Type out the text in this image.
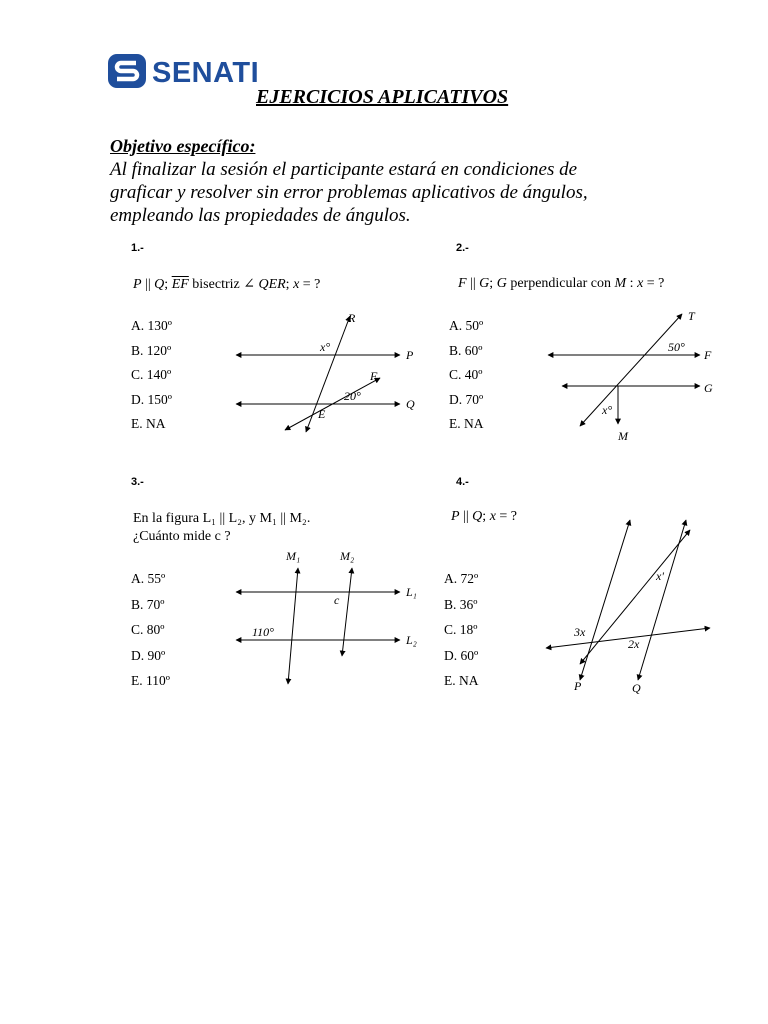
SENATI
EJERCICIOS APLICATIVOS
Objetivo específico:
Al finalizar la sesión el participante estará en condiciones de
graficar y resolver sin error problemas aplicativos de ángulos,
empleando las propiedades de ángulos.
1.-
P || Q; $\overline{EF}$ bisectriz ∠ QER; x = ?
A. 130º
B. 120º
C. 140º
D. 150º
E. NA
R
P
F
Q
E
x°
20°
2.-
F || G; G perpendicular con M : x = ?
A. 50º
B. 60º
C. 40º
D. 70º
E. NA
T
F
G
M
x°
50°
3.-
En la figura L₁ || L₂, y M₁ || M₂.
¿Cuánto mide c ?
A. 55º
B. 70º
C. 80º
D. 90º
E. 110º
M₁	M₂
L₁
L₂
c
110°
4.-
P || Q; x = ?
A. 72º
B. 36º
C. 18º
D. 60º
E. NA	P	Q
x'
3x
2x
